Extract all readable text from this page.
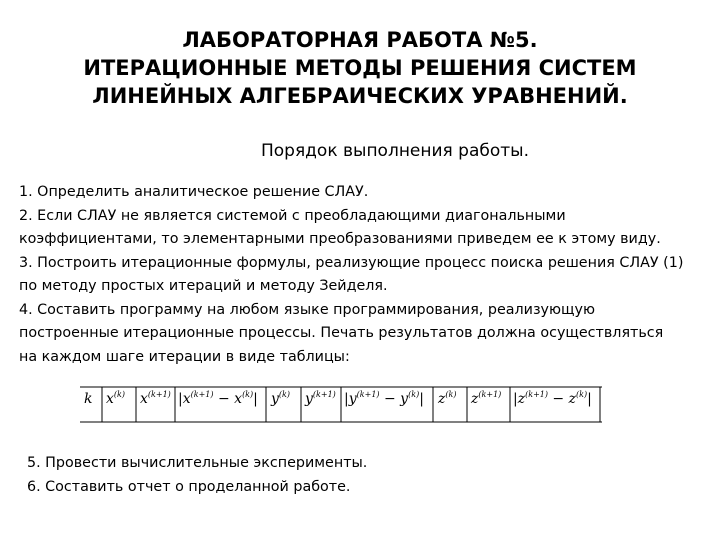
ЛАБОРАТОРНАЯ РАБОТА №5.
ИТЕРАЦИОННЫЕ МЕТОДЫ РЕШЕНИЯ СИСТЕМ
ЛИНЕЙНЫХ АЛГЕБРАИЧЕСКИХ УРАВНЕНИЙ.
Порядок выполнения работы.
1. Определить аналитическое решение СЛАУ.
2. Если СЛАУ не является системой с преобладающими диагональными
коэффициентами, то элементарными преобразованиями приведем ее к этому виду.
3. Построить итерационные формулы, реализующие процесс поиска решения СЛАУ (1)
по методу простых итераций и методу Зейделя.
4. Составить программу на любом языке программирования, реализующую
построенные итерационные процессы. Печать результатов должна осуществляться
на каждом шаге итерации в виде таблицы:
k $x^{(k)}$ $x^{(k+1)}$ $|x^{(k+1)} - x^{(k)}|$ $y^{(k)}$ $y^{(k+1)}$ $|y^{(k+1)} - y^{(k)}|$ $z^{(k)}$ $z^{(k+1)}$ $|z^{(k+1)} - z^{(k)}|$
5. Провести вычислительные эксперименты.
6. Составить отчет о проделанной работе.
